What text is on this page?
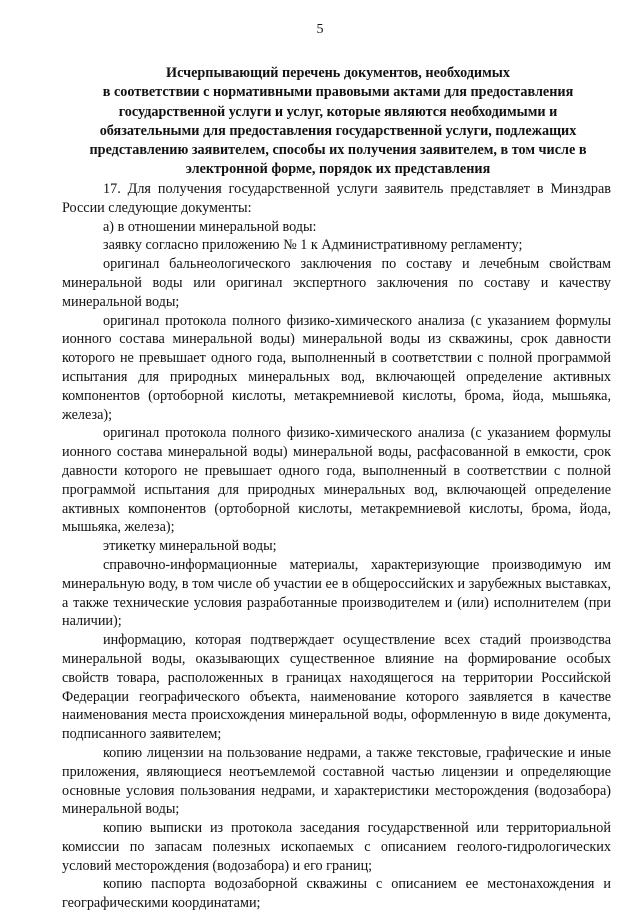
5
Исчерпывающий перечень документов, необходимых
в соответствии с нормативными правовыми актами для предоставления
государственной услуги и услуг, которые являются необходимыми и
обязательными для предоставления государственной услуги, подлежащих
представлению заявителем, способы их получения заявителем, в том числе в
электронной форме, порядок их представления

17. Для получения государственной услуги заявитель представляет в Минздрав России следующие документы:

а) в отношении минеральной воды:

заявку согласно приложению № 1 к Административному регламенту;

оригинал бальнеологического заключения по составу и лечебным свойствам минеральной воды или оригинал экспертного заключения по составу и качеству минеральной воды;

оригинал протокола полного физико-химического анализа (с указанием формулы ионного состава минеральной воды) минеральной воды из скважины, срок давности которого не превышает одного года, выполненный в соответствии с полной программой испытания для природных минеральных вод, включающей определение активных компонентов (ортоборной кислоты, метакремниевой кислоты, брома, йода, мышьяка, железа);

оригинал протокола полного физико-химического анализа (с указанием формулы ионного состава минеральной воды) минеральной воды, расфасованной в емкости, срок давности которого не превышает одного года, выполненный в соответствии с полной программой испытания для природных минеральных вод, включающей определение активных компонентов (ортоборной кислоты, метакремниевой кислоты, брома, йода, мышьяка, железа);

этикетку минеральной воды;

справочно-информационные материалы, характеризующие производимую им минеральную воду, в том числе об участии ее в общероссийских и зарубежных выставках, а также технические условия разработанные производителем и (или) исполнителем (при наличии);

информацию, которая подтверждает осуществление всех стадий производства минеральной воды, оказывающих существенное влияние на формирование особых свойств товара, расположенных в границах находящегося на территории Российской Федерации географического объекта, наименование которого заявляется в качестве наименования места происхождения минеральной воды, оформленную в виде документа, подписанного заявителем;

копию лицензии на пользование недрами, а также текстовые, графические и иные приложения, являющиеся неотъемлемой составной частью лицензии и определяющие основные условия пользования недрами, и характеристики месторождения (водозабора) минеральной воды;

копию выписки из протокола заседания государственной или территориальной комиссии по запасам полезных ископаемых с описанием геолого-гидрологических условий месторождения (водозабора) и его границ;

копию паспорта водозаборной скважины с описанием ее местонахождения и географическими координатами;
